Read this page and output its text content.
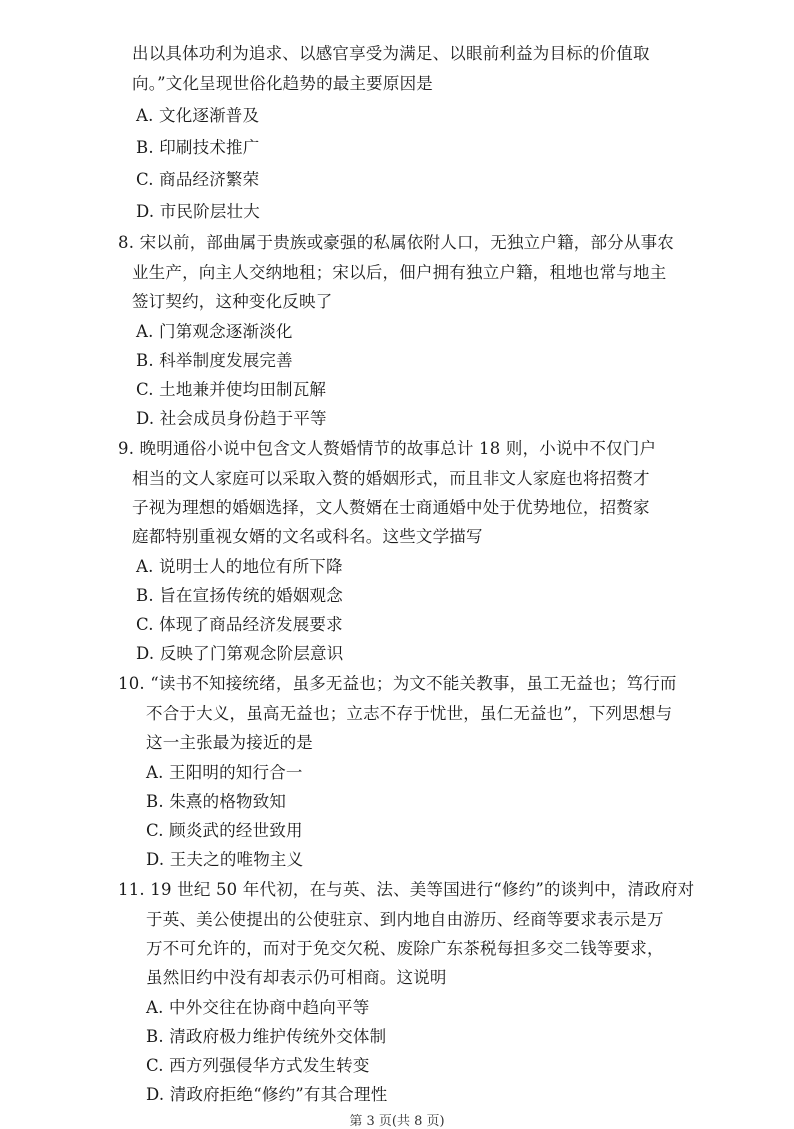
出以具体功利为追求、以感官享受为满足、以眼前利益为目标的价值取
向。”文化呈现世俗化趋势的最主要原因是
A. 文化逐渐普及
B. 印刷技术推广
C. 商品经济繁荣
D. 市民阶层壮大
8. 宋以前，部曲属于贵族或豪强的私属依附人口，无独立户籍，部分从事农
业生产，向主人交纳地租；宋以后，佃户拥有独立户籍，租地也常与地主
签订契约，这种变化反映了
A. 门第观念逐渐淡化
B. 科举制度发展完善
C. 土地兼并使均田制瓦解
D. 社会成员身份趋于平等
9. 晚明通俗小说中包含文人赘婚情节的故事总计 18 则，小说中不仅门户
相当的文人家庭可以采取入赘的婚姻形式，而且非文人家庭也将招赘才
子视为理想的婚姻选择，文人赘婿在士商通婚中处于优势地位，招赘家
庭都特别重视女婿的文名或科名。这些文学描写
A. 说明士人的地位有所下降
B. 旨在宣扬传统的婚姻观念
C. 体现了商品经济发展要求
D. 反映了门第观念阶层意识
10. “读书不知接统绪，虽多无益也；为文不能关教事，虽工无益也；笃行而
不合于大义，虽高无益也；立志不存于忧世，虽仁无益也”，下列思想与
这一主张最为接近的是
A. 王阳明的知行合一
B. 朱熹的格物致知
C. 顾炎武的经世致用
D. 王夫之的唯物主义
11. 19 世纪 50 年代初，在与英、法、美等国进行“修约”的谈判中，清政府对
于英、美公使提出的公使驻京、到内地自由游历、经商等要求表示是万
万不可允许的，而对于免交欠税、废除广东茶税每担多交二钱等要求，
虽然旧约中没有却表示仍可相商。这说明
A. 中外交往在协商中趋向平等
B. 清政府极力维护传统外交体制
C. 西方列强侵华方式发生转变
D. 清政府拒绝“修约”有其合理性
第 3 页(共 8 页)
